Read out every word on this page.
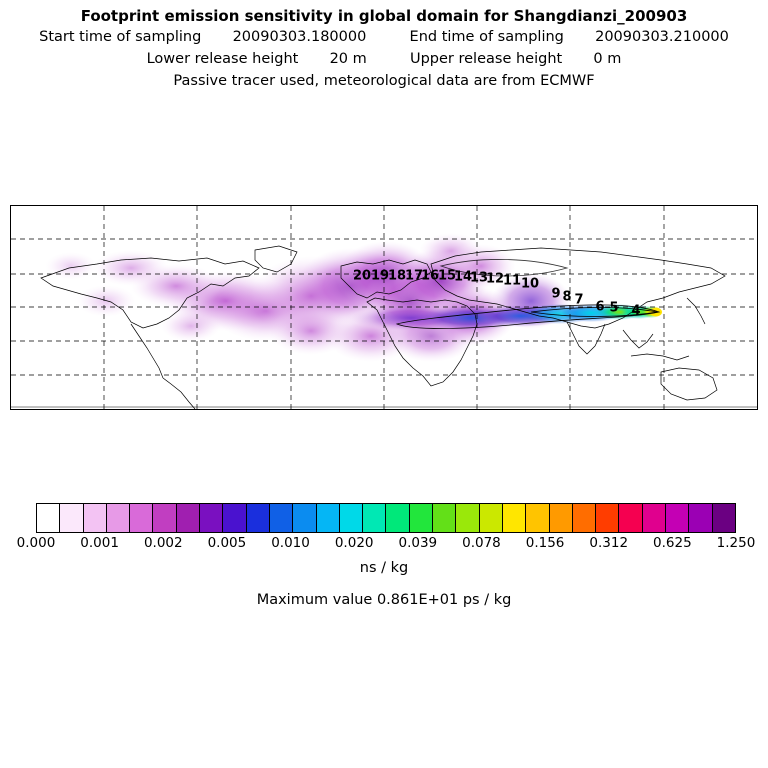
Footprint emission sensitivity in global domain for Shangdianzi_200903
Start time of sampling 20090303.180000	End time of sampling 20090303.210000
Lower release height 20 m	Upper release height 0 m
Passive tracer used, meteorological data are from ECMWF
20 19
18
17
16
15
14
13
12
11 10
9 8 7 6 5 4
0.000 0.001 0.002 0.005 0.010 0.020 0.039 0.078 0.156 0.312 0.625 1.250
ns / kg
Maximum value 0.861E+01 ps / kg
